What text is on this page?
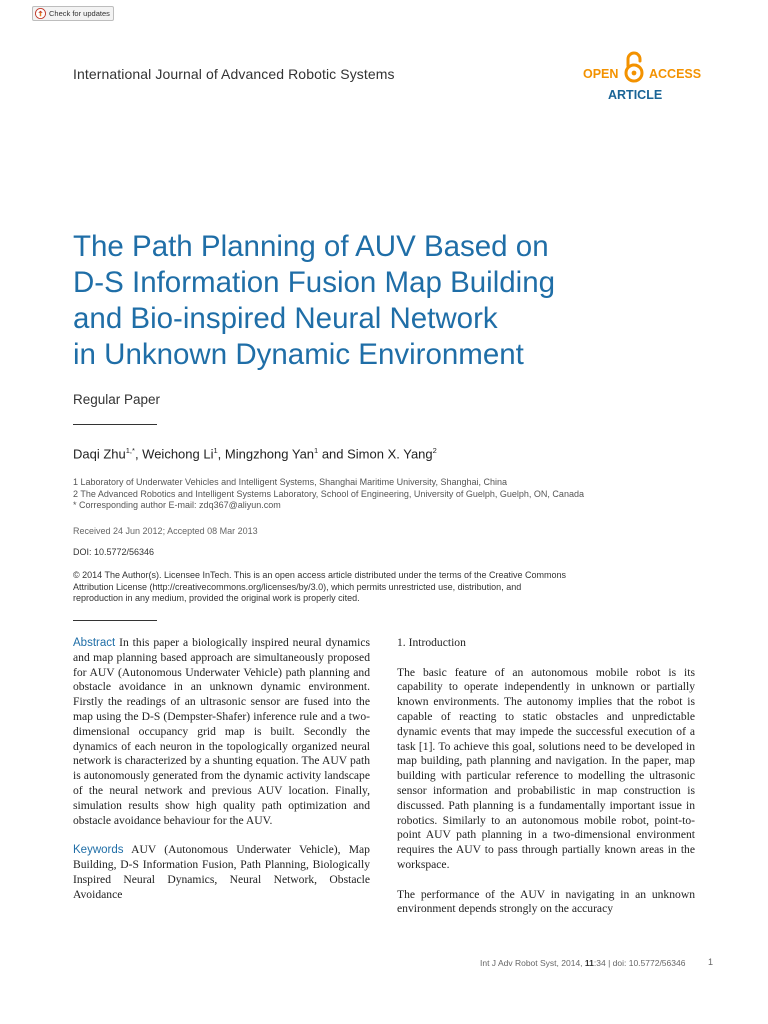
Check for updates
International Journal of Advanced Robotic Systems	OPEN ACCESS
ARTICLE
The Path Planning of AUV Based on
D-S Information Fusion Map Building
and Bio-inspired Neural Network
in Unknown Dynamic Environment
Regular Paper
Daqi Zhu$^{1,*}$, Weichong Li$^1$, Mingzhong Yan$^1$ and Simon X. Yang$^2$
1 Laboratory of Underwater Vehicles and Intelligent Systems, Shanghai Maritime University, Shanghai, China
2 The Advanced Robotics and Intelligent Systems Laboratory, School of Engineering, University of Guelph, Guelph, ON, Canada
* Corresponding author E-mail: zdq367@aliyun.com
Received 24 Jun 2012; Accepted 08 Mar 2013
DOI: 10.5772/56346
© 2014 The Author(s). Licensee InTech. This is an open access article distributed under the terms of the Creative Commons Attribution License (http://creativecommons.org/licenses/by/3.0), which permits unrestricted use, distribution, and reproduction in any medium, provided the original work is properly cited.

Abstract In this paper a biologically inspired neural dynamics and map planning based approach are simultaneously proposed for AUV (Autonomous Underwater Vehicle) path planning and obstacle avoidance in an unknown dynamic environment. Firstly the readings of an ultrasonic sensor are fused into the map using the D-S (Dempster-Shafer) inference rule and a two-dimensional occupancy grid map is built. Secondly the dynamics of each neuron in the topologically organized neural network is characterized by a shunting equation. The AUV path is autonomously generated from the dynamic activity landscape of the neural network and previous AUV location. Finally, simulation results show high quality path optimization and obstacle avoidance behaviour for the AUV.

Keywords AUV (Autonomous Underwater Vehicle), Map Building, D-S Information Fusion, Path Planning, Biologically Inspired Neural Dynamics, Neural Network, Obstacle Avoidance

1. Introduction

The basic feature of an autonomous mobile robot is its capability to operate independently in unknown or partially known environments. The autonomy implies that the robot is capable of reacting to static obstacles and unpredictable dynamic events that may impede the successful execution of a task [1]. To achieve this goal, solutions need to be developed in map building, path planning and navigation. In the paper, map building with particular reference to modelling the ultrasonic sensor information and probabilistic in map construction is discussed. Path planning is a fundamentally important issue in robotics. Similarly to an autonomous mobile robot, point-to-point AUV path planning in a two-dimensional environment requires the AUV to pass through partially known areas in the workspace.

The performance of the AUV in navigating in an unknown environment depends strongly on the accuracy

Int J Adv Robot Syst, 2014, 11:34 | doi: 10.5772/56346	1
